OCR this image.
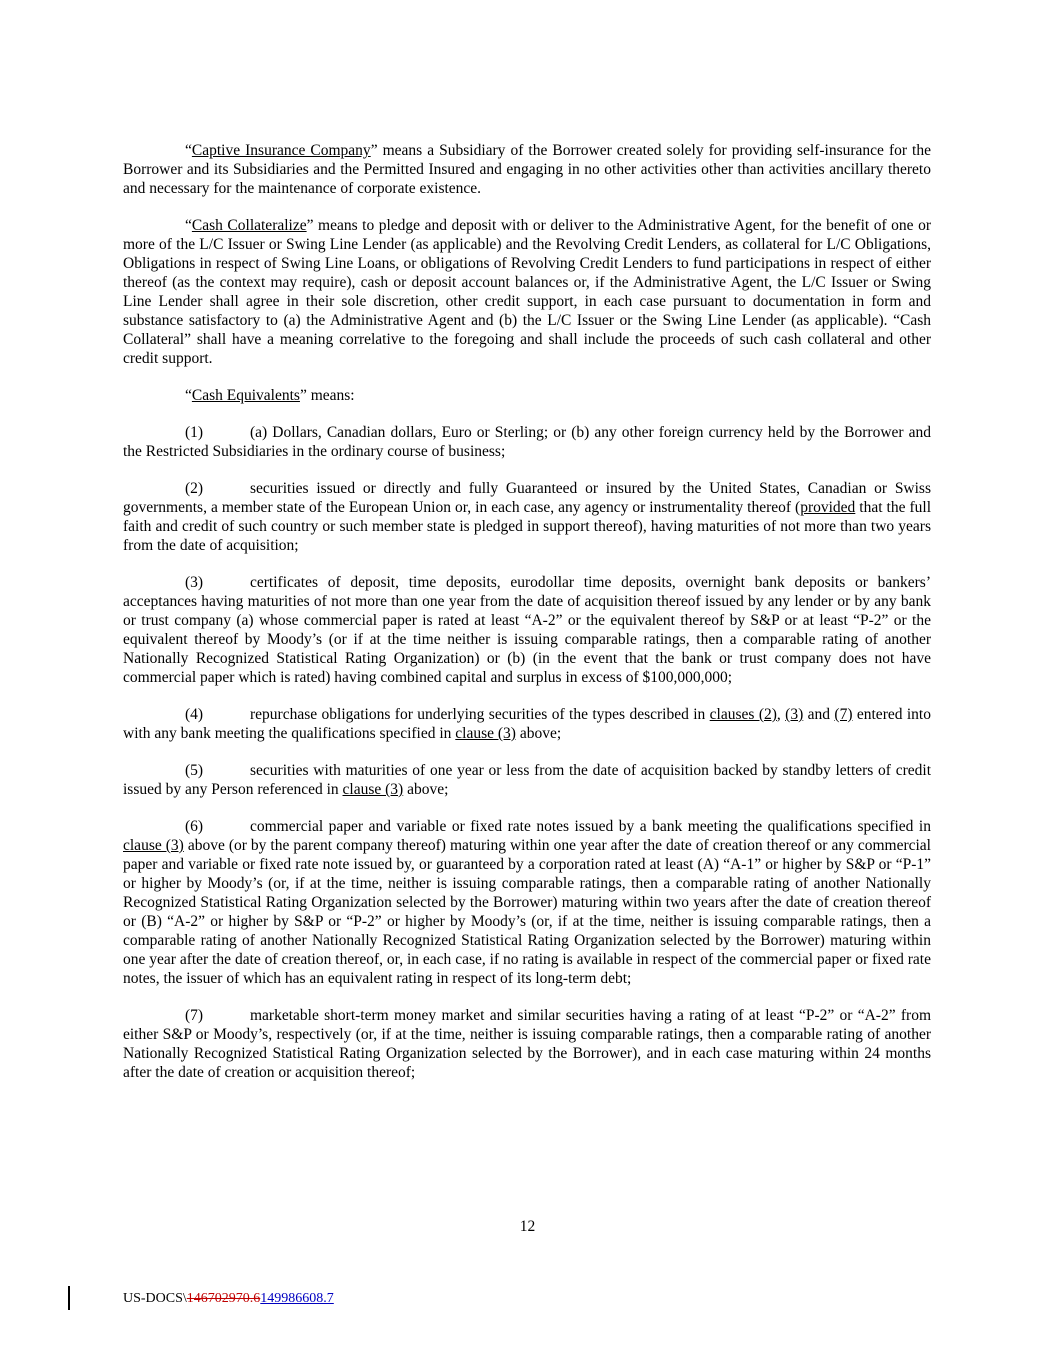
“Captive Insurance Company” means a Subsidiary of the Borrower created solely for providing self-insurance for the Borrower and its Subsidiaries and the Permitted Insured and engaging in no other activities other than activities ancillary thereto and necessary for the maintenance of corporate existence.

“Cash Collateralize” means to pledge and deposit with or deliver to the Administrative Agent, for the benefit of one or more of the L/C Issuer or Swing Line Lender (as applicable) and the Revolving Credit Lenders, as collateral for L/C Obligations, Obligations in respect of Swing Line Loans, or obligations of Revolving Credit Lenders to fund participations in respect of either thereof (as the context may require), cash or deposit account balances or, if the Administrative Agent, the L/C Issuer or Swing Line Lender shall agree in their sole discretion, other credit support, in each case pursuant to documentation in form and substance satisfactory to (a) the Administrative Agent and (b) the L/C Issuer or the Swing Line Lender (as applicable). “Cash Collateral” shall have a meaning correlative to the foregoing and shall include the proceeds of such cash collateral and other credit support.

“Cash Equivalents” means:

(1)	(a) Dollars, Canadian dollars, Euro or Sterling; or (b) any other foreign currency held by the Borrower and the Restricted Subsidiaries in the ordinary course of business;

(2)	securities issued or directly and fully Guaranteed or insured by the United States, Canadian or Swiss governments, a member state of the European Union or, in each case, any agency or instrumentality thereof (provided that the full faith and credit of such country or such member state is pledged in support thereof), having maturities of not more than two years from the date of acquisition;

(3)	certificates of deposit, time deposits, eurodollar time deposits, overnight bank deposits or bankers’ acceptances having maturities of not more than one year from the date of acquisition thereof issued by any lender or by any bank or trust company (a) whose commercial paper is rated at least “A-2” or the equivalent thereof by S&P or at least “P-2” or the equivalent thereof by Moody’s (or if at the time neither is issuing comparable ratings, then a comparable rating of another Nationally Recognized Statistical Rating Organization) or (b) (in the event that the bank or trust company does not have commercial paper which is rated) having combined capital and surplus in excess of $100,000,000;

(4)	repurchase obligations for underlying securities of the types described in clauses (2), (3) and (7) entered into with any bank meeting the qualifications specified in clause (3) above;

(5)	securities with maturities of one year or less from the date of acquisition backed by standby letters of credit issued by any Person referenced in clause (3) above;

(6)	commercial paper and variable or fixed rate notes issued by a bank meeting the qualifications specified in clause (3) above (or by the parent company thereof) maturing within one year after the date of creation thereof or any commercial paper and variable or fixed rate note issued by, or guaranteed by a corporation rated at least (A) “A-1” or higher by S&P or “P-1” or higher by Moody’s (or, if at the time, neither is issuing comparable ratings, then a comparable rating of another Nationally Recognized Statistical Rating Organization selected by the Borrower) maturing within two years after the date of creation thereof or (B) “A-2” or higher by S&P or “P-2” or higher by Moody’s (or, if at the time, neither is issuing comparable ratings, then a comparable rating of another Nationally Recognized Statistical Rating Organization selected by the Borrower) maturing within one year after the date of creation thereof, or, in each case, if no rating is available in respect of the commercial paper or fixed rate notes, the issuer of which has an equivalent rating in respect of its long-term debt;

(7)	marketable short-term money market and similar securities having a rating of at least “P-2” or “A-2” from either S&P or Moody’s, respectively (or, if at the time, neither is issuing comparable ratings, then a comparable rating of another Nationally Recognized Statistical Rating Organization selected by the Borrower), and in each case maturing within 24 months after the date of creation or acquisition thereof;

12
US-DOCS\146702970.6149986608.7
